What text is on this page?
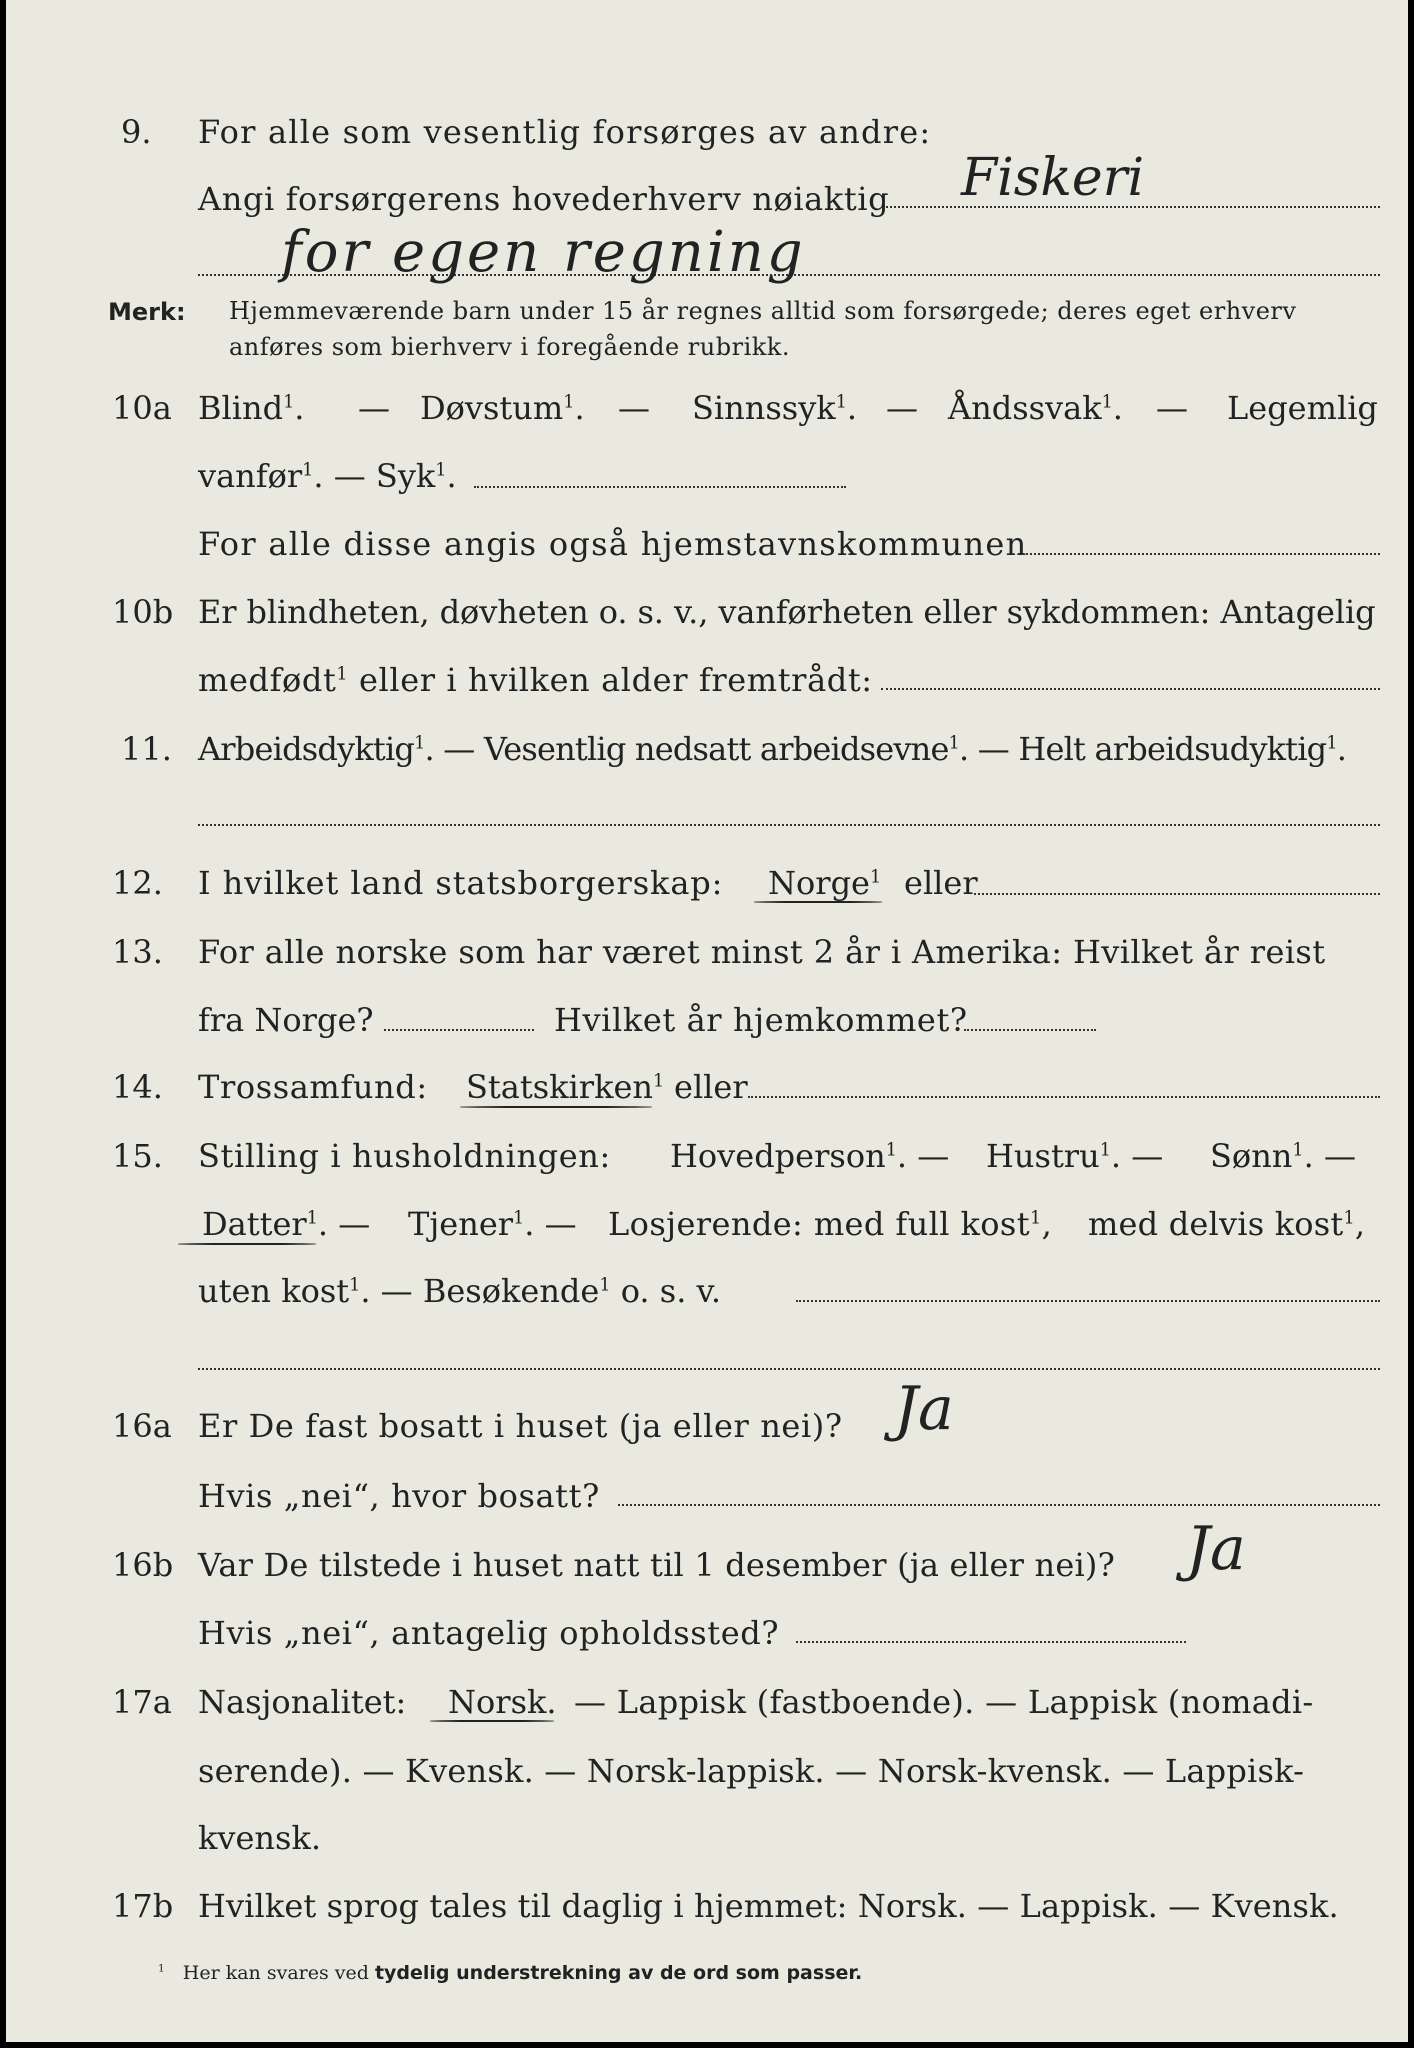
9. For alle som vesentlig forsørges av andre:
Angi forsørgerens hovederhverv nøiaktig Fiskeri
for egen regning
Merk: Hjemmeværende barn under 15 år regnes alltid som forsørgede; deres eget erhverv
anføres som bierhverv i foregående rubrikk.
10a Blind$^1$. — Døvstum$^1$. — Sinnssyk$^1$. — Åndssvak$^1$. — Legemlig
vanfør$^1$. — Syk$^1$.
For alle disse angis også hjemstavnskommunen
10b Er blindheten, døvheten o. s. v., vanførheten eller sykdommen: Antagelig
medfødt$^1$ eller i hvilken alder fremtrådt:
11. Arbeidsdyktig$^1$. — Vesentlig nedsatt arbeidsevne$^1$. — Helt arbeidsudyktig$^1$.
12. I hvilket land statsborgerskap: Norge$^1$ eller
13. For alle norske som har været minst 2 år i Amerika: Hvilket år reist
fra Norge?	Hvilket år hjemkommet?
14. Trossamfund: Statskirken$^1$ eller
15. Stilling i husholdningen: Hovedperson$^1$. — Hustru$^1$. — Sønn$^1$. —
Datter$^1$. — Tjener$^1$. — Losjerende: med full kost$^1$, med delvis kost$^1$,
uten kost$^1$. — Besøkende$^1$ o. s. v.
16a Er De fast bosatt i huset (ja eller nei)? Ja
Hvis „nei“, hvor bosatt?
16b Var De tilstede i huset natt til 1 desember (ja eller nei)? Ja
Hvis „nei“, antagelig opholdssted?
17a Nasjonalitet: Norsk. — Lappisk (fastboende). — Lappisk (nomadi-
serende). — Kvensk. — Norsk-lappisk. — Norsk-kvensk. — Lappisk-
kvensk.
17b Hvilket sprog tales til daglig i hjemmet: Norsk. — Lappisk. — Kvensk.
$^1$ Her kan svares ved tydelig understrekning av de ord som passer.
